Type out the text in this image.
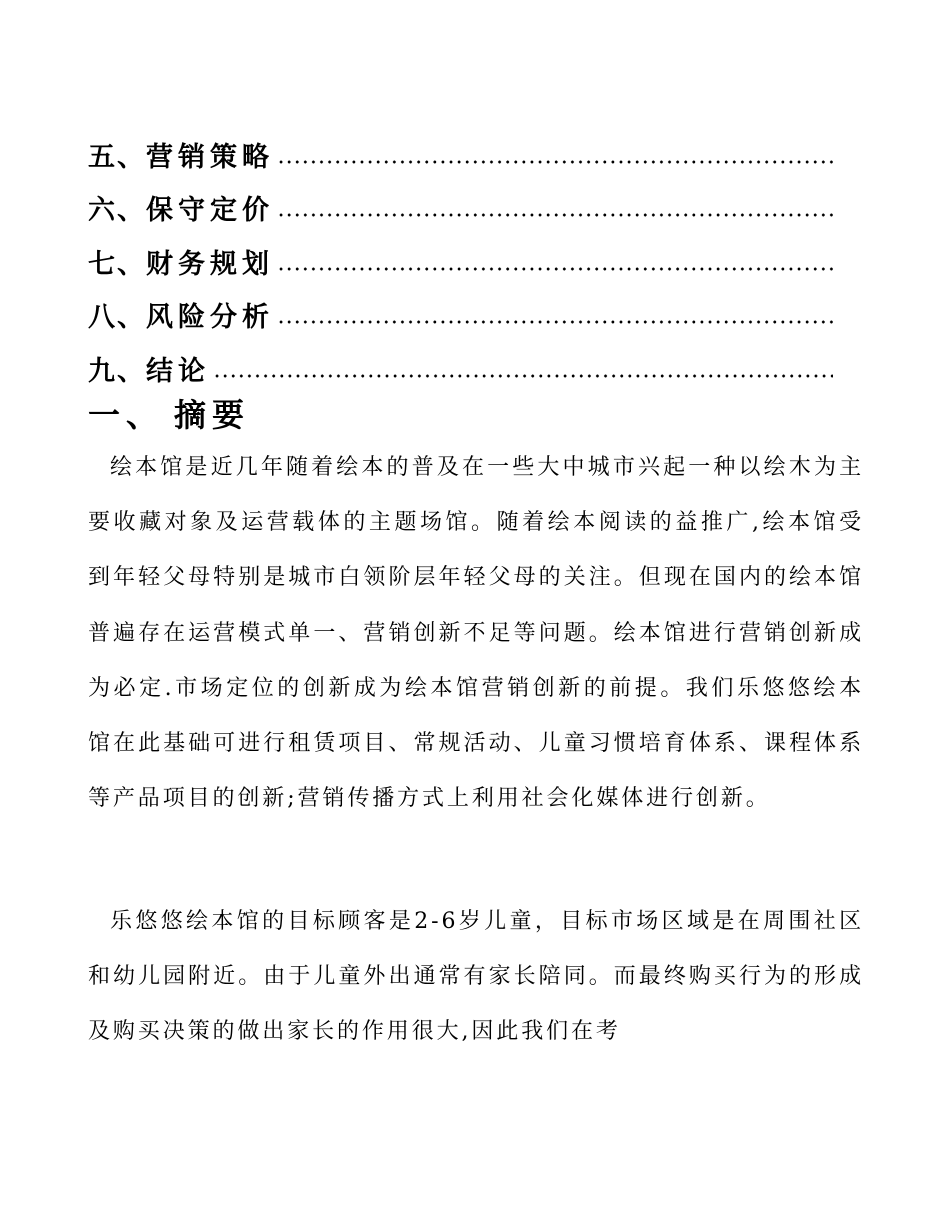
五、 营销策略
六、 保守定价
七、 财务规划
八、 风险分析
九、 结论
一、 摘要

绘本馆是近几年随着绘本的普及在一些大中城市兴起一种以绘木为主要收藏对象及运营载体的主题场馆。随着绘本阅读的益推广,绘本馆受到年轻父母特别是城市白领阶层年轻父母的关注。但现在国内的绘本馆普遍存在运营模式单一、营销创新不足等问题。绘本馆进行营销创新成为必定.市场定位的创新成为绘本馆营销创新的前提。我们乐悠悠绘本馆在此基础可进行租赁项目、常规活动、儿童习惯培育体系、课程体系等产品项目的创新;营销传播方式上利用社会化媒体进行创新。

乐悠悠绘本馆的目标顾客是2-6岁儿童，目标市场区域是在周围社区和幼儿园附近。由于儿童外出通常有家长陪同。而最终购买行为的形成及购买决策的做出家长的作用很大,因此我们在考
